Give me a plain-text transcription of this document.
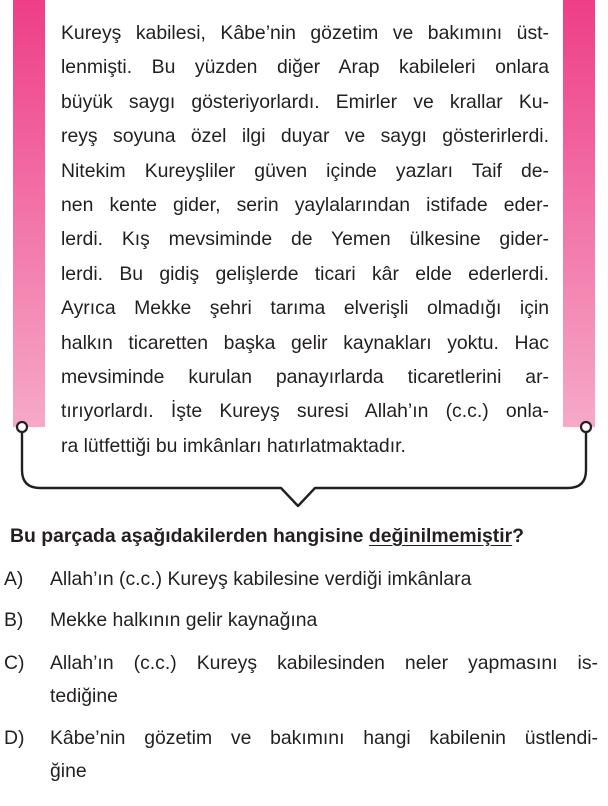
Kureyş kabilesi, Kâbe’nin gözetim ve bakımını üst-
lenmişti. Bu yüzden diğer Arap kabileleri onlara
büyük saygı gösteriyorlardı. Emirler ve krallar Ku-
reyş soyuna özel ilgi duyar ve saygı gösterirlerdi.
Nitekim Kureyşliler güven içinde yazları Taif de-
nen kente gider, serin yaylalarından istifade eder-
lerdi. Kış mevsiminde de Yemen ülkesine gider-
lerdi. Bu gidiş gelişlerde ticari kâr elde ederlerdi.
Ayrıca Mekke şehri tarıma elverişli olmadığı için
halkın ticaretten başka gelir kaynakları yoktu. Hac
mevsiminde kurulan panayırlarda ticaretlerini ar-
tırıyorlardı. İşte Kureyş suresi Allah’ın (c.c.) onla-
ra lütfettiği bu imkânları hatırlatmaktadır.

Bu parçada aşağıdakilerden hangisine değinilmemiştir?

A) Allah’ın (c.c.) Kureyş kabilesine verdiği imkânlara
B) Mekke halkının gelir kaynağına
C) Allah’ın (c.c.) Kureyş kabilesinden neler yapmasını is-
tediğine
D) Kâbe’nin gözetim ve bakımını hangi kabilenin üstlendi-
ğine
